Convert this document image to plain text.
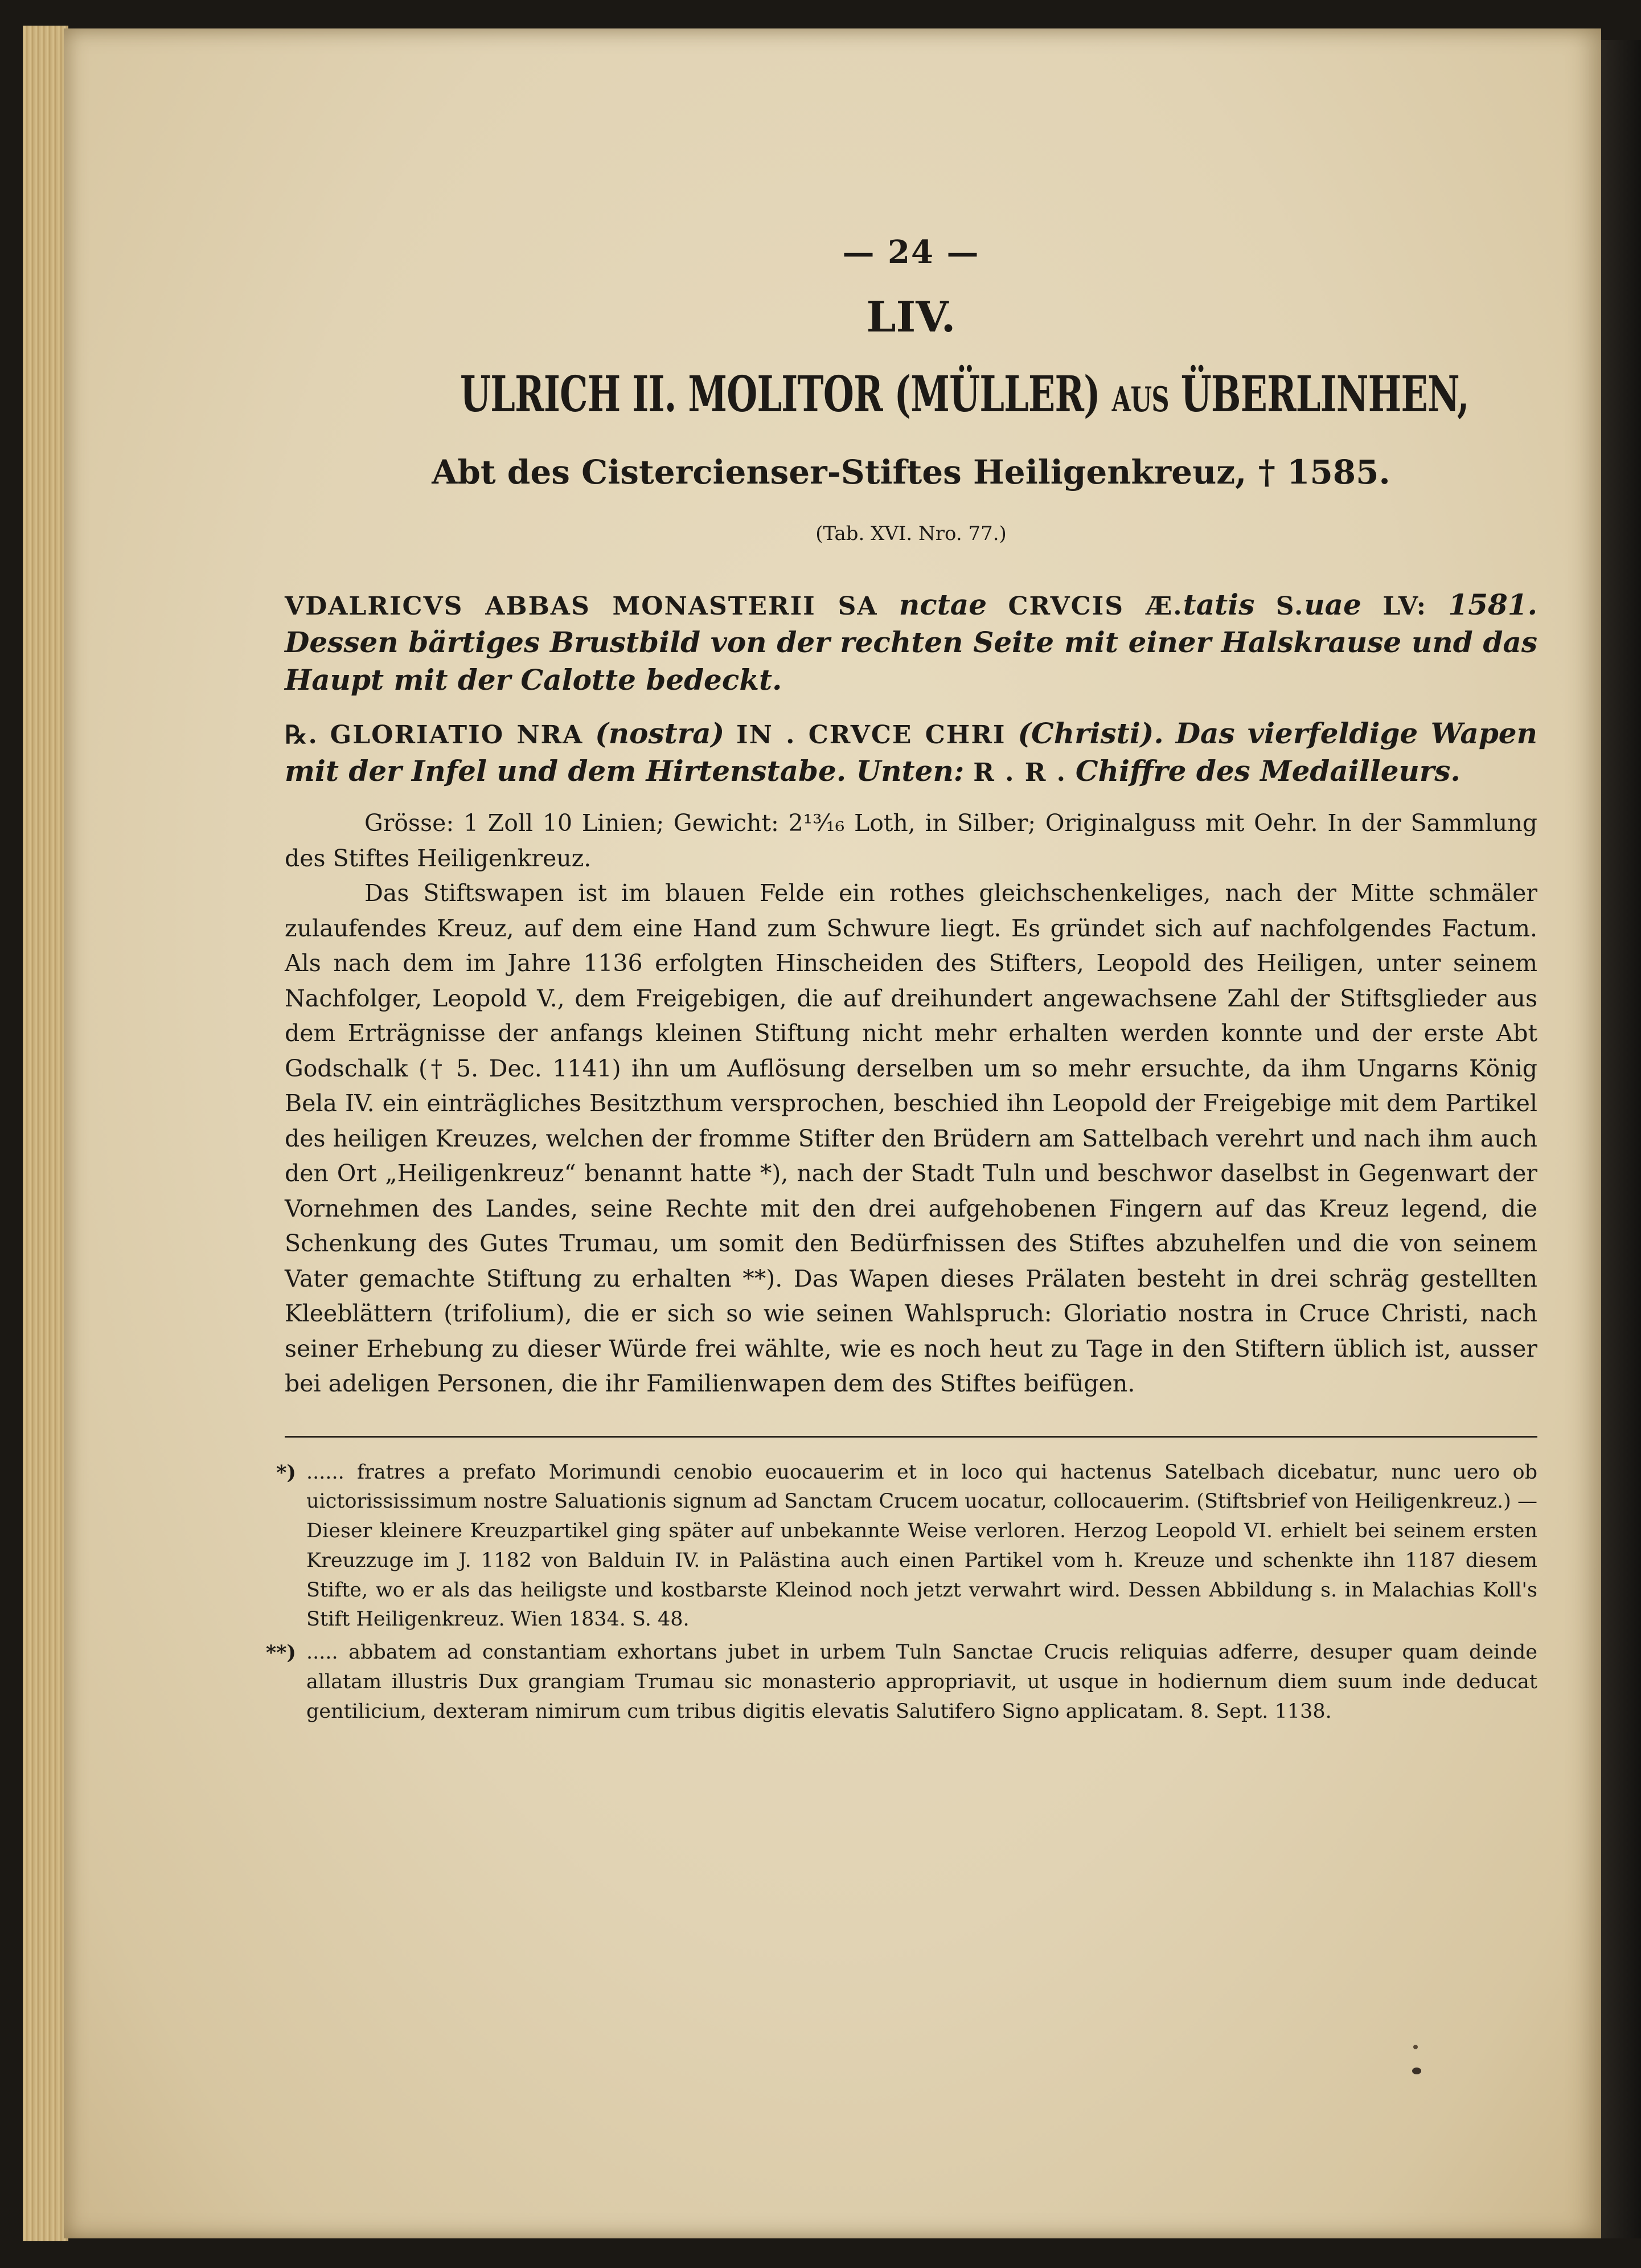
— 24 —
LIV.
ULRICH II. MOLITOR (MÜLLER) AUS ÜBERLINHEN,
Abt des Cistercienser-Stiftes Heiligenkreuz, † 1585.
(Tab. XVI. Nro. 77.)
VDALRICVS ABBAS MONASTERII SA nctae CRVCIS Æ.tatis S.uae LV: 1581. Dessen bärtiges Brustbild von der rechten Seite mit einer Halskrause und das Haupt mit der Calotte bedeckt.
℞. GLORIATIO NRA (nostra) IN . CRVCE CHRI (Christi). Das vierfeldige Wapen mit der Infel und dem Hirtenstabe. Unten: R . R . Chiffre des Medailleurs.

Grösse: 1 Zoll 10 Linien; Gewicht: 2¹³⁄₁₆ Loth, in Silber; Originalguss mit Oehr. In der Sammlung des Stiftes Heiligenkreuz.

Das Stiftswapen ist im blauen Felde ein rothes gleichschenkeliges, nach der Mitte schmäler zulaufendes Kreuz, auf dem eine Hand zum Schwure liegt. Es gründet sich auf nachfolgendes Factum. Als nach dem im Jahre 1136 erfolgten Hinscheiden des Stifters, Leopold des Heiligen, unter seinem Nachfolger, Leopold V., dem Freigebigen, die auf dreihundert angewachsene Zahl der Stiftsglieder aus dem Erträgnisse der anfangs kleinen Stiftung nicht mehr erhalten werden konnte und der erste Abt Godschalk († 5. Dec. 1141) ihn um Auflösung derselben um so mehr ersuchte, da ihm Ungarns König Bela IV. ein einträgliches Besitzthum versprochen, beschied ihn Leopold der Freigebige mit dem Partikel des heiligen Kreuzes, welchen der fromme Stifter den Brüdern am Sattelbach verehrt und nach ihm auch den Ort „Heiligenkreuz“ benannt hatte *), nach der Stadt Tuln und beschwor daselbst in Gegenwart der Vornehmen des Landes, seine Rechte mit den drei aufgehobenen Fingern auf das Kreuz legend, die Schenkung des Gutes Trumau, um somit den Bedürfnissen des Stiftes abzuhelfen und die von seinem Vater gemachte Stiftung zu erhalten **). Das Wapen dieses Prälaten besteht in drei schräg gestellten Kleeblättern (trifolium), die er sich so wie seinen Wahlspruch: Gloriatio nostra in Cruce Christi, nach seiner Erhebung zu dieser Würde frei wählte, wie es noch heut zu Tage in den Stiftern üblich ist, ausser bei adeligen Personen, die ihr Familienwapen dem des Stiftes beifügen.

*) ...... fratres a prefato Morimundi cenobio euocauerim et in loco qui hactenus Satelbach dicebatur, nunc uero ob uictorississimum nostre Saluationis signum ad Sanctam Crucem uocatur, collocauerim. (Stiftsbrief von Heiligenkreuz.) — Dieser kleinere Kreuzpartikel ging später auf unbekannte Weise verloren. Herzog Leopold VI. erhielt bei seinem ersten Kreuzzuge im J. 1182 von Balduin IV. in Palästina auch einen Partikel vom h. Kreuze und schenkte ihn 1187 diesem Stifte, wo er als das heiligste und kostbarste Kleinod noch jetzt verwahrt wird. Dessen Abbildung s. in Malachias Koll's Stift Heiligenkreuz. Wien 1834. S. 48.
**) ..... abbatem ad constantiam exhortans jubet in urbem Tuln Sanctae Crucis reliquias adferre, desuper quam deinde allatam illustris Dux grangiam Trumau sic monasterio appropriavit, ut usque in hodiernum diem suum inde deducat gentilicium, dexteram nimirum cum tribus digitis elevatis Salutifero Signo applicatam. 8. Sept. 1138.
